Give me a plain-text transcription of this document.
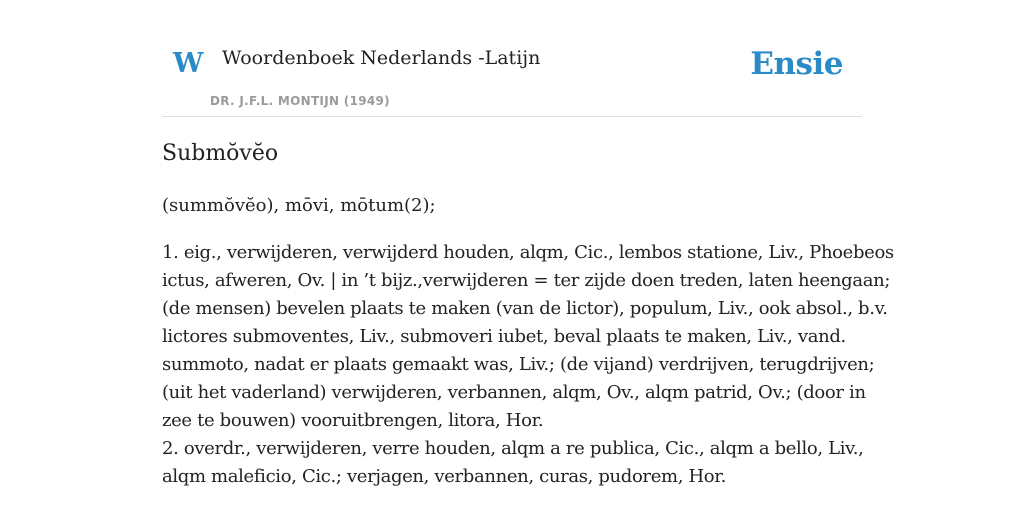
W Woordenboek Nederlands -Latijn
DR. J.F.L. MONTIJN (1949)
Ensie
Submŏvĕo

(summŏvĕo), mōvi, mōtum(2);

1. eig., verwijderen, verwijderd houden, alqm, Cic., lembos statione, Liv., Phoebeos
ictus, afweren, Ov. | in ’t bijz.,verwijderen = ter zijde doen treden, laten heengaan;
(de mensen) bevelen plaats te maken (van de lictor), populum, Liv., ook absol., b.v.
lictores submoventes, Liv., submoveri iubet, beval plaats te maken, Liv., vand.
summoto, nadat er plaats gemaakt was, Liv.; (de vijand) verdrijven, terugdrijven;
(uit het vaderland) verwijderen, verbannen, alqm, Ov., alqm patrid, Ov.; (door in
zee te bouwen) vooruitbrengen, litora, Hor.
2. overdr., verwijderen, verre houden, alqm a re publica, Cic., alqm a bello, Liv.,
alqm maleficio, Cic.; verjagen, verbannen, curas, pudorem, Hor.
